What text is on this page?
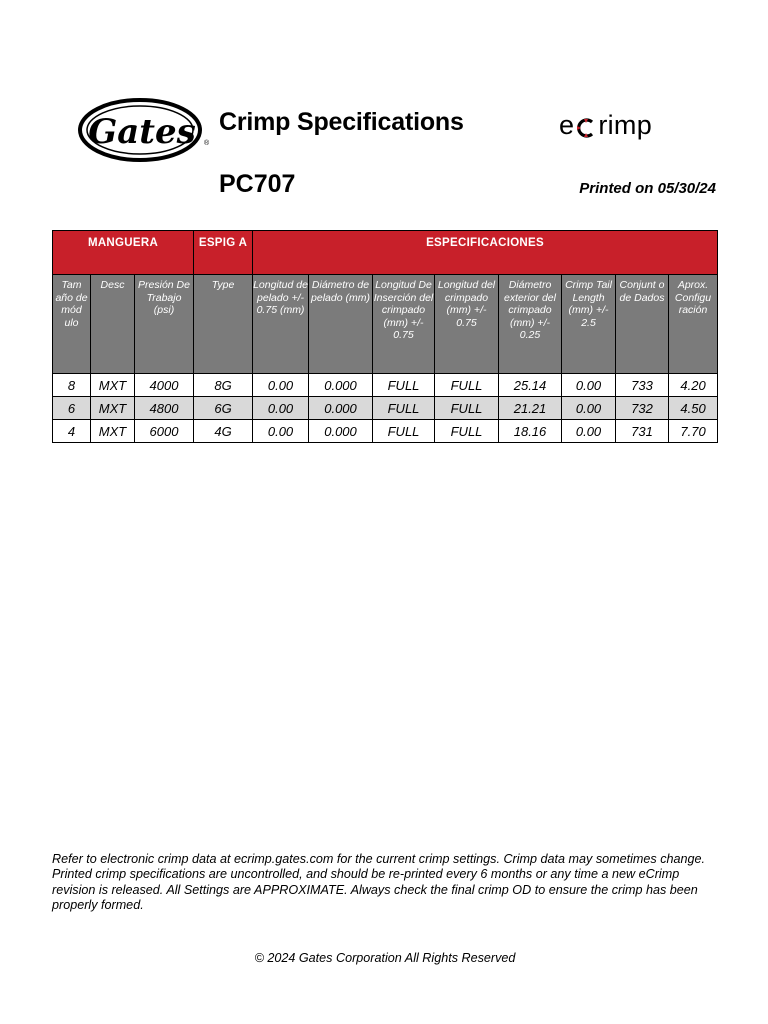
Gates ®
Crimp Specifications
PC707
e rimp
Printed on 05/30/24
MANGUERA			ESPIG A	ESPECIFICACIONES							
Tam año de mód ulo	Desc	Presión De Trabajo (psi)	Type	Longitud de pelado +/- 0.75 (mm)	Diámetro de pelado (mm)	Longitud De Inserción del crimpado (mm) +/- 0.75	Longitud del crimpado (mm) +/- 0.75	Diámetro exterior del crimpado (mm) +/- 0.25	Crimp Tail Length (mm) +/- 2.5	Conjunt o de Dados	Aprox. Configu ración
8	MXT	4000	8G	0.00	0.000	FULL	FULL	25.14	0.00	733	4.20
6	MXT	4800	6G	0.00	0.000	FULL	FULL	21.21	0.00	732	4.50
4	MXT	6000	4G	0.00	0.000	FULL	FULL	18.16	0.00	731	7.70
Refer to electronic crimp data at ecrimp.gates.com for the current crimp settings. Crimp data may sometimes change. Printed crimp specifications are uncontrolled, and should be re-printed every 6 months or any time a new eCrimp revision is released. All Settings are APPROXIMATE. Always check the final crimp OD to ensure the crimp has been properly formed.
© 2024 Gates Corporation All Rights Reserved
